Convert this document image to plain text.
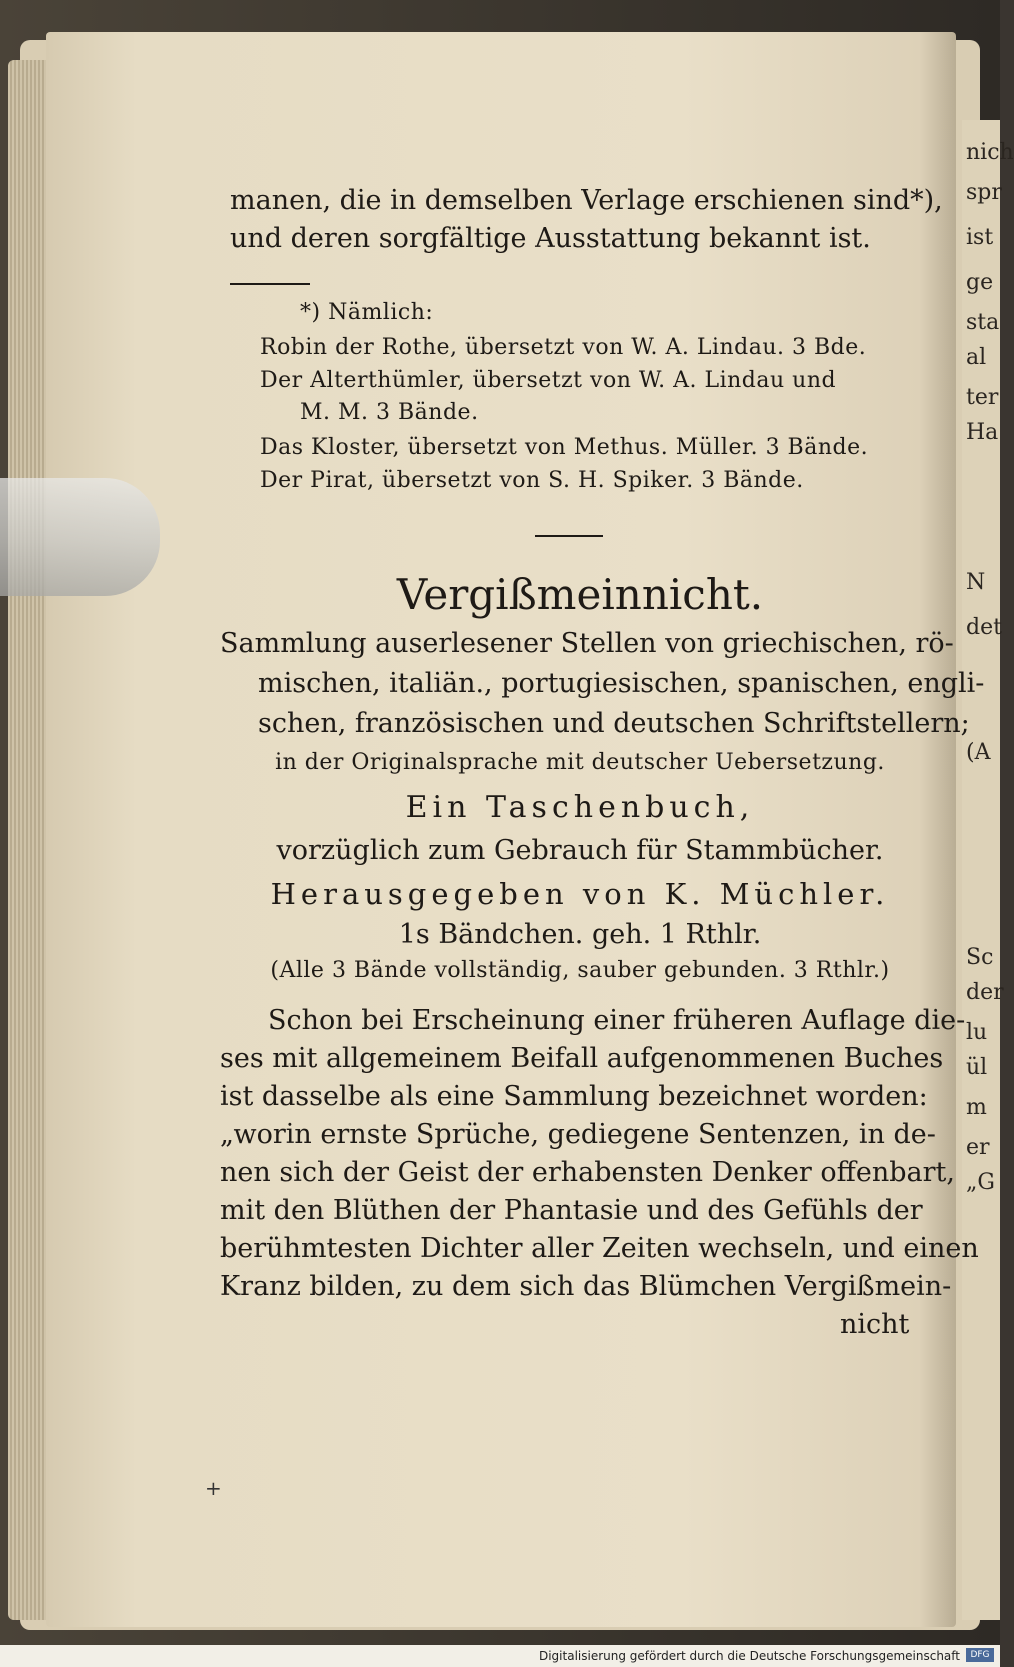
nich
spr
ist
ge
sta
al
ter
Ha
N
det
(A
Sc
der
lu
ül
m
er
„G
manen, die in demselben Verlage erschienen sind*),
und deren sorgfältige Ausstattung bekannt ist.
*) Nämlich:
Robin der Rothe, übersetzt von W. A. Lindau. 3 Bde.
Der Alterthümler, übersetzt von W. A. Lindau und
M. M. 3 Bände.
Das Kloster, übersetzt von Methus. Müller. 3 Bände.
Der Pirat, übersetzt von S. H. Spiker. 3 Bände.
Vergißmeinnicht.
Sammlung auserlesener Stellen von griechischen, rö-
mischen, italiän., portugiesischen, spanischen, engli-
schen, französischen und deutschen Schriftstellern;
in der Originalsprache mit deutscher Uebersetzung.
Ein Taschenbuch,
vorzüglich zum Gebrauch für Stammbücher.
Herausgegeben von K. Müchler.
1s Bändchen. geh. 1 Rthlr.
(Alle 3 Bände vollständig, sauber gebunden. 3 Rthlr.)
Schon bei Erscheinung einer früheren Auflage die-
ses mit allgemeinem Beifall aufgenommenen Buches
ist dasselbe als eine Sammlung bezeichnet worden:
„worin ernste Sprüche, gediegene Sentenzen, in de-
nen sich der Geist der erhabensten Denker offenbart,
mit den Blüthen der Phantasie und des Gefühls der
berühmtesten Dichter aller Zeiten wechseln, und einen
Kranz bilden, zu dem sich das Blümchen Vergißmein-
nicht
+
Digitalisierung gefördert durch die Deutsche Forschungsgemeinschaft	DFG
